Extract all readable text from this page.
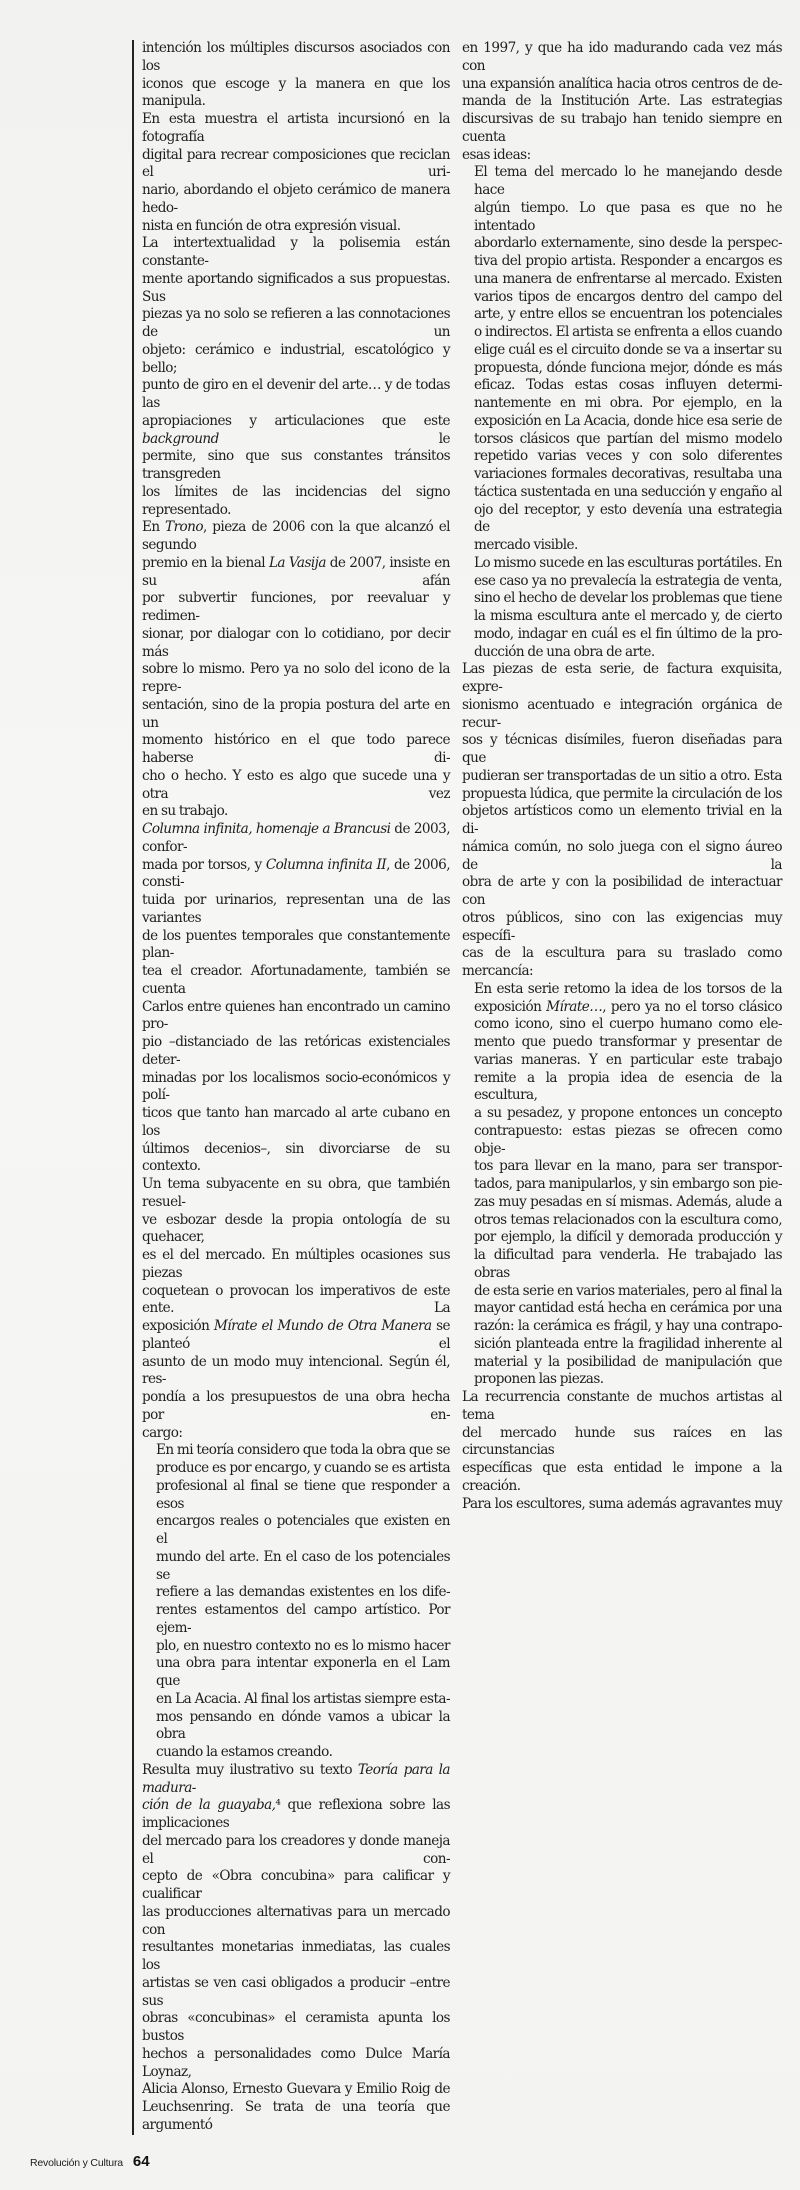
intención los múltiples discursos asociados con los
iconos que escoge y la manera en que los manipula.
En esta muestra el artista incursionó en la fotografía
digital para recrear composiciones que reciclan el uri-
nario, abordando el objeto cerámico de manera hedo-
nista en función de otra expresión visual.
La intertextualidad y la polisemia están constante-
mente aportando significados a sus propuestas. Sus
piezas ya no solo se refieren a las connotaciones de un
objeto: cerámico e industrial, escatológico y bello;
punto de giro en el devenir del arte… y de todas las
apropiaciones y articulaciones que este background le
permite, sino que sus constantes tránsitos transgreden
los límites de las incidencias del signo representado.
En Trono, pieza de 2006 con la que alcanzó el segundo
premio en la bienal La Vasija de 2007, insiste en su afán
por subvertir funciones, por reevaluar y redimen-
sionar, por dialogar con lo cotidiano, por decir más
sobre lo mismo. Pero ya no solo del icono de la repre-
sentación, sino de la propia postura del arte en un
momento histórico en el que todo parece haberse di-
cho o hecho. Y esto es algo que sucede una y otra vez
en su trabajo.
Columna infinita, homenaje a Brancusi de 2003, confor-
mada por torsos, y Columna infinita II, de 2006, consti-
tuida por urinarios, representan una de las variantes
de los puentes temporales que constantemente plan-
tea el creador. Afortunadamente, también se cuenta
Carlos entre quienes han encontrado un camino pro-
pio –distanciado de las retóricas existenciales deter-
minadas por los localismos socio-económicos y polí-
ticos que tanto han marcado al arte cubano en los
últimos decenios–, sin divorciarse de su contexto.
Un tema subyacente en su obra, que también resuel-
ve esbozar desde la propia ontología de su quehacer,
es el del mercado. En múltiples ocasiones sus piezas
coquetean o provocan los imperativos de este ente. La
exposición Mírate el Mundo de Otra Manera se planteó el
asunto de un modo muy intencional. Según él, res-
pondía a los presupuestos de una obra hecha por en-
cargo:
En mi teoría considero que toda la obra que se
produce es por encargo, y cuando se es artista
profesional al final se tiene que responder a esos
encargos reales o potenciales que existen en el
mundo del arte. En el caso de los potenciales se
refiere a las demandas existentes en los dife-
rentes estamentos del campo artístico. Por ejem-
plo, en nuestro contexto no es lo mismo hacer
una obra para intentar exponerla en el Lam que
en La Acacia. Al final los artistas siempre esta-
mos pensando en dónde vamos a ubicar la obra
cuando la estamos creando.
Resulta muy ilustrativo su texto Teoría para la madura-
ción de la guayaba,⁴ que reflexiona sobre las implicaciones
del mercado para los creadores y donde maneja el con-
cepto de «Obra concubina» para calificar y cualificar
las producciones alternativas para un mercado con
resultantes monetarias inmediatas, las cuales los
artistas se ven casi obligados a producir –entre sus
obras «concubinas» el ceramista apunta los bustos
hechos a personalidades como Dulce María Loynaz,
Alicia Alonso, Ernesto Guevara y Emilio Roig de
Leuchsenring. Se trata de una teoría que argumentó
en 1997, y que ha ido madurando cada vez más con
una expansión analítica hacia otros centros de de-
manda de la Institución Arte. Las estrategias
discursivas de su trabajo han tenido siempre en cuenta
esas ideas:
El tema del mercado lo he manejando desde hace
algún tiempo. Lo que pasa es que no he intentado
abordarlo externamente, sino desde la perspec-
tiva del propio artista. Responder a encargos es
una manera de enfrentarse al mercado. Existen
varios tipos de encargos dentro del campo del
arte, y entre ellos se encuentran los potenciales
o indirectos. El artista se enfrenta a ellos cuando
elige cuál es el circuito donde se va a insertar su
propuesta, dónde funciona mejor, dónde es más
eficaz. Todas estas cosas influyen determi-
nantemente en mi obra. Por ejemplo, en la
exposición en La Acacia, donde hice esa serie de
torsos clásicos que partían del mismo modelo
repetido varias veces y con solo diferentes
variaciones formales decorativas, resultaba una
táctica sustentada en una seducción y engaño al
ojo del receptor, y esto devenía una estrategia de
mercado visible.
Lo mismo sucede en las esculturas portátiles. En
ese caso ya no prevalecía la estrategia de venta,
sino el hecho de develar los problemas que tiene
la misma escultura ante el mercado y, de cierto
modo, indagar en cuál es el fin último de la pro-
ducción de una obra de arte.
Las piezas de esta serie, de factura exquisita, expre-
sionismo acentuado e integración orgánica de recur-
sos y técnicas disímiles, fueron diseñadas para que
pudieran ser transportadas de un sitio a otro. Esta
propuesta lúdica, que permite la circulación de los
objetos artísticos como un elemento trivial en la di-
námica común, no solo juega con el signo áureo de la
obra de arte y con la posibilidad de interactuar con
otros públicos, sino con las exigencias muy específi-
cas de la escultura para su traslado como mercancía:
En esta serie retomo la idea de los torsos de la
exposición Mírate…, pero ya no el torso clásico
como icono, sino el cuerpo humano como ele-
mento que puedo transformar y presentar de
varias maneras. Y en particular este trabajo
remite a la propia idea de esencia de la escultura,
a su pesadez, y propone entonces un concepto
contrapuesto: estas piezas se ofrecen como obje-
tos para llevar en la mano, para ser transpor-
tados, para manipularlos, y sin embargo son pie-
zas muy pesadas en sí mismas. Además, alude a
otros temas relacionados con la escultura como,
por ejemplo, la difícil y demorada producción y
la dificultad para venderla. He trabajado las obras
de esta serie en varios materiales, pero al final la
mayor cantidad está hecha en cerámica por una
razón: la cerámica es frágil, y hay una contrapo-
sición planteada entre la fragilidad inherente al
material y la posibilidad de manipulación que
proponen las piezas.
La recurrencia constante de muchos artistas al tema
del mercado hunde sus raíces en las circunstancias
específicas que esta entidad le impone a la creación.
Para los escultores, suma además agravantes muy
Revolución y Cultura 64
